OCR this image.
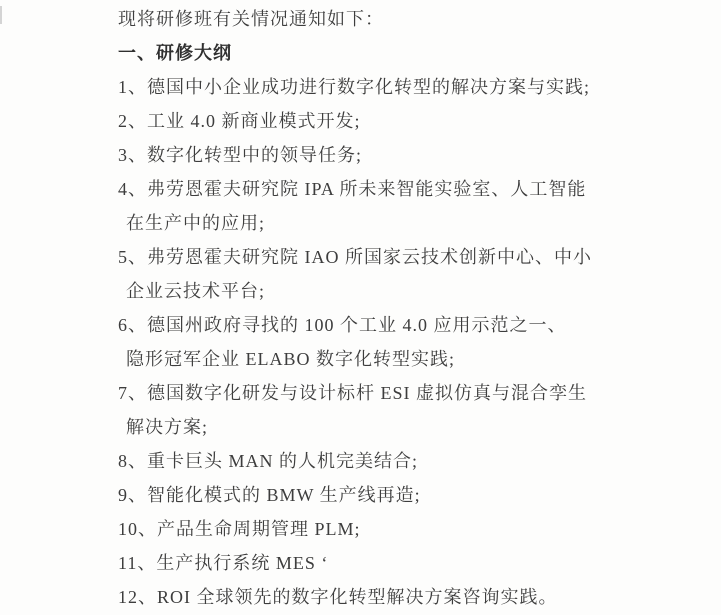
现将研修班有关情况通知如下：
一、研修大纲
1、德国中小企业成功进行数字化转型的解决方案与实践;
2、工业 4.0 新商业模式开发;
3、数字化转型中的领导任务;
4、弗劳恩霍夫研究院 IPA 所未来智能实验室、人工智能
在生产中的应用;
5、弗劳恩霍夫研究院 IAO 所国家云技术创新中心、中小
企业云技术平台;
6、德国州政府寻找的 100 个工业 4.0 应用示范之一、
隐形冠军企业 ELABO 数字化转型实践;
7、德国数字化研发与设计标杆 ESI 虚拟仿真与混合孪生
解决方案;
8、重卡巨头 MAN 的人机完美结合;
9、智能化模式的 BMW 生产线再造;
10、产品生命周期管理 PLM;
11、生产执行系统 MES ‘
12、ROI 全球领先的数字化转型解决方案咨询实践。
